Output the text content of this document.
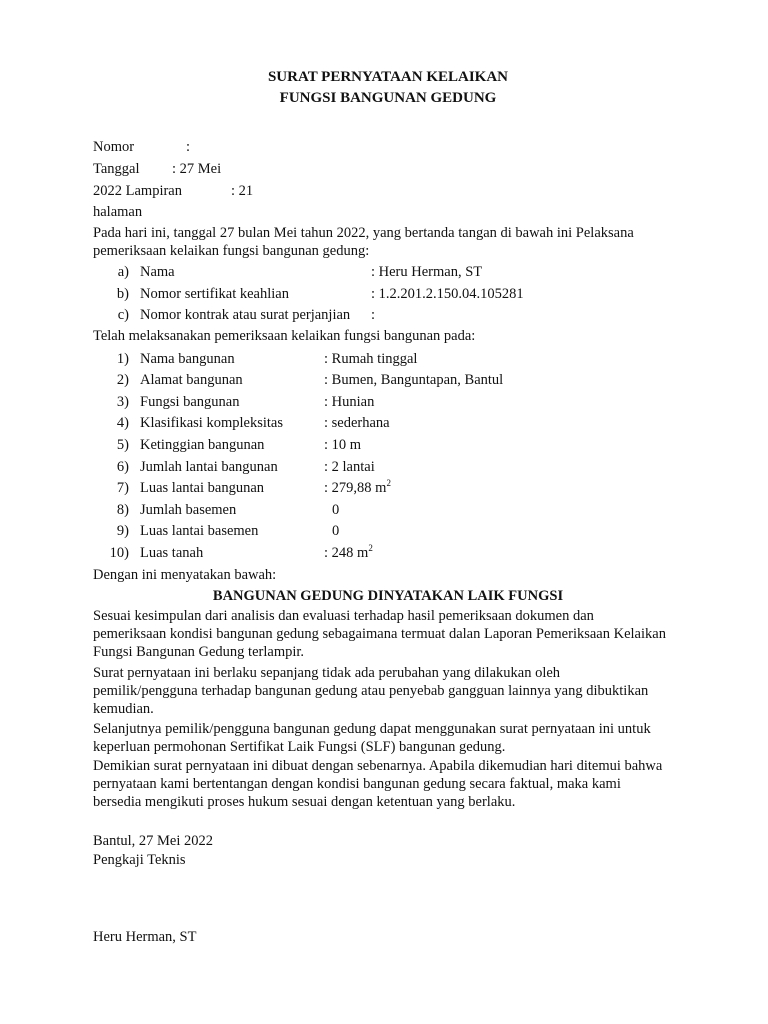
SURAT PERNYATAAN KELAIKAN
FUNGSI BANGUNAN GEDUNG
Nomor	:
Tanggal : 27 Mei
2022 Lampiran	: 21
halaman
Pada hari ini, tanggal 27 bulan Mei tahun 2022, yang bertanda tangan di bawah ini Pelaksana pemeriksaan kelaikan fungsi bangunan gedung:
a) Nama	: Heru Herman, ST
b) Nomor sertifikat keahlian	: 1.2.201.2.150.04.105281
c) Nomor kontrak atau surat perjanjian :
Telah melaksanakan pemeriksaan kelaikan fungsi bangunan pada:
1) Nama bangunan	: Rumah tinggal
2) Alamat bangunan	: Bumen, Banguntapan, Bantul
3) Fungsi bangunan	: Hunian
4) Klasifikasi kompleksitas	: sederhana
5) Ketinggian bangunan	: 10 m
6) Jumlah lantai bangunan	: 2 lantai
7) Luas lantai bangunan	: 279,88 $m^2$
8) Jumlah basemen	0
9) Luas lantai basemen	0
10) Luas tanah	: 248 $m^2$
Dengan ini menyatakan bawah:
BANGUNAN GEDUNG DINYATAKAN LAIK FUNGSI
Sesuai kesimpulan dari analisis dan evaluasi terhadap hasil pemeriksaan dokumen dan pemeriksaan kondisi bangunan gedung sebagaimana termuat dalan Laporan Pemeriksaan Kelaikan Fungsi Bangunan Gedung terlampir.
Surat pernyataan ini berlaku sepanjang tidak ada perubahan yang dilakukan oleh pemilik/pengguna terhadap bangunan gedung atau penyebab gangguan lainnya yang dibuktikan kemudian.
Selanjutnya pemilik/pengguna bangunan gedung dapat menggunakan surat pernyataan ini untuk keperluan permohonan Sertifikat Laik Fungsi (SLF) bangunan gedung.
Demikian surat pernyataan ini dibuat dengan sebenarnya. Apabila dikemudian hari ditemui bahwa pernyataan kami bertentangan dengan kondisi bangunan gedung secara faktual, maka kami bersedia mengikuti proses hukum sesuai dengan ketentuan yang berlaku.
Bantul, 27 Mei 2022
Pengkaji Teknis
Heru Herman, ST
